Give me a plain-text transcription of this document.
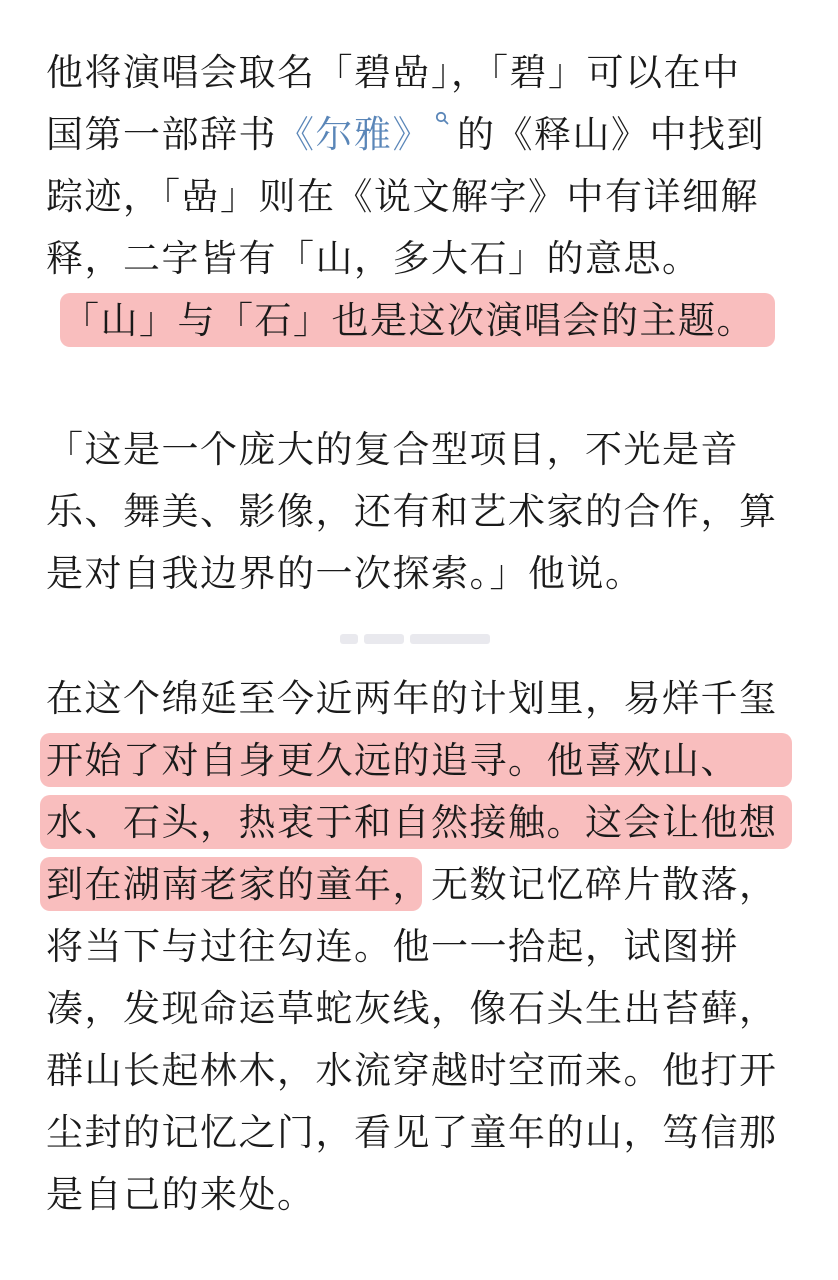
他将演唱会取名「碧嵒」，「碧」可以在中
国第一部辞书《尔雅》 的《释山》中找到
踪迹，「嵒」则在《说文解字》中有详细解
释，二字皆有「山，多大石」的意思。
「山」与「石」也是这次演唱会的主题。
「这是一个庞大的复合型项目，不光是音
乐、舞美、影像，还有和艺术家的合作，算
是对自我边界的一次探索。」他说。
在这个绵延至今近两年的计划里，易烊千玺
开始了对自身更久远的追寻。他喜欢山、
水、石头，热衷于和自然接触。这会让他想
到在湖南老家的童年，无数记忆碎片散落，
将当下与过往勾连。他一一拾起，试图拼
凑，发现命运草蛇灰线，像石头生出苔藓，
群山长起林木，水流穿越时空而来。他打开
尘封的记忆之门，看见了童年的山，笃信那
是自己的来处。
